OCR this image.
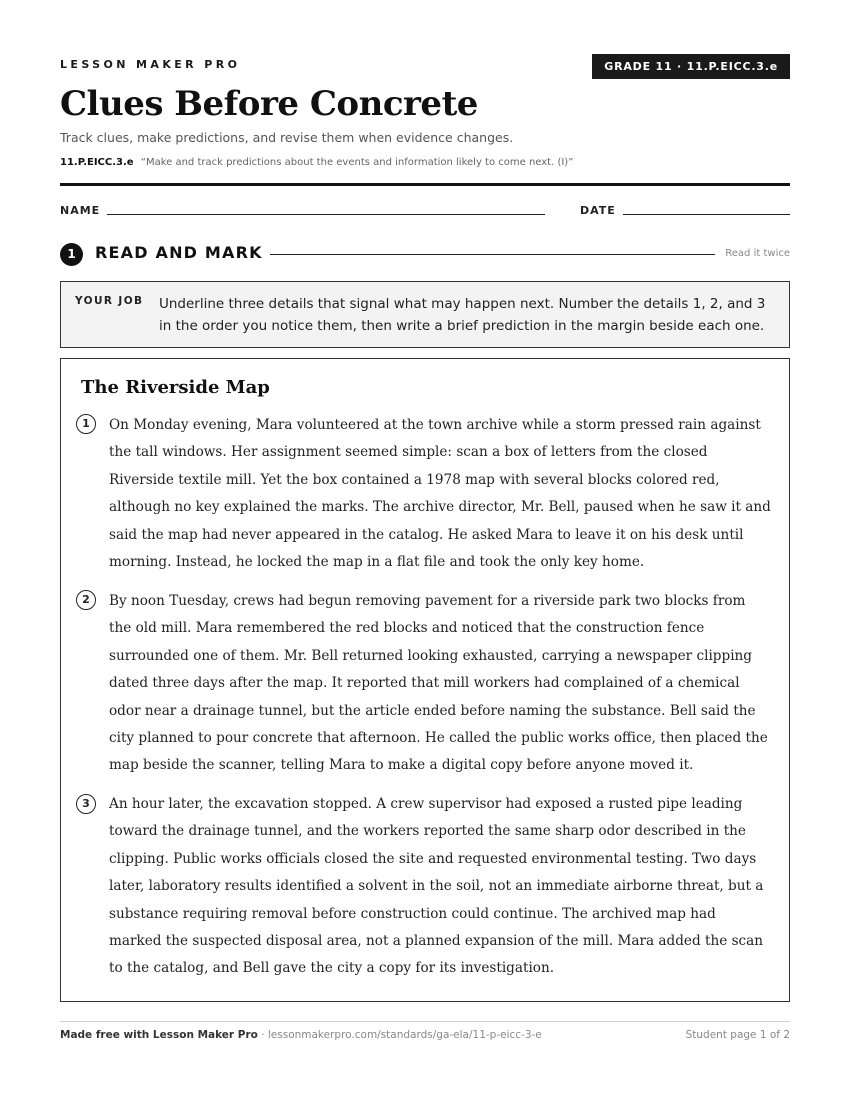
LESSON MAKER PRO	GRADE 11 · 11.P.EICC.3.e
Clues Before Concrete
Track clues, make predictions, and revise them when evidence changes.
11.P.EICC.3.e “Make and track predictions about the events and information likely to come next. (I)”
NAME	DATE
1	READ AND MARK	Read it twice
YOUR JOB Underline three details that signal what may happen next. Number the details 1, 2, and 3 in the order you notice them, then write a brief prediction in the margin beside each one.
The Riverside Map
1	On Monday evening, Mara volunteered at the town archive while a storm pressed rain against the tall windows. Her assignment seemed simple: scan a box of letters from the closed Riverside textile mill. Yet the box contained a 1978 map with several blocks colored red, although no key explained the marks. The archive director, Mr. Bell, paused when he saw it and said the map had never appeared in the catalog. He asked Mara to leave it on his desk until morning. Instead, he locked the map in a flat file and took the only key home.

2	By noon Tuesday, crews had begun removing pavement for a riverside park two blocks from the old mill. Mara remembered the red blocks and noticed that the construction fence surrounded one of them. Mr. Bell returned looking exhausted, carrying a newspaper clipping dated three days after the map. It reported that mill workers had complained of a chemical odor near a drainage tunnel, but the article ended before naming the substance. Bell said the city planned to pour concrete that afternoon. He called the public works office, then placed the map beside the scanner, telling Mara to make a digital copy before anyone moved it.

3	An hour later, the excavation stopped. A crew supervisor had exposed a rusted pipe leading toward the drainage tunnel, and the workers reported the same sharp odor described in the clipping. Public works officials closed the site and requested environmental testing. Two days later, laboratory results identified a solvent in the soil, not an immediate airborne threat, but a substance requiring removal before construction could continue. The archived map had marked the suspected disposal area, not a planned expansion of the mill. Mara added the scan to the catalog, and Bell gave the city a copy for its investigation.

Made free with Lesson Maker Pro · lessonmakerpro.com/standards/ga-ela/11-p-eicc-3-e	Student page 1 of 2
